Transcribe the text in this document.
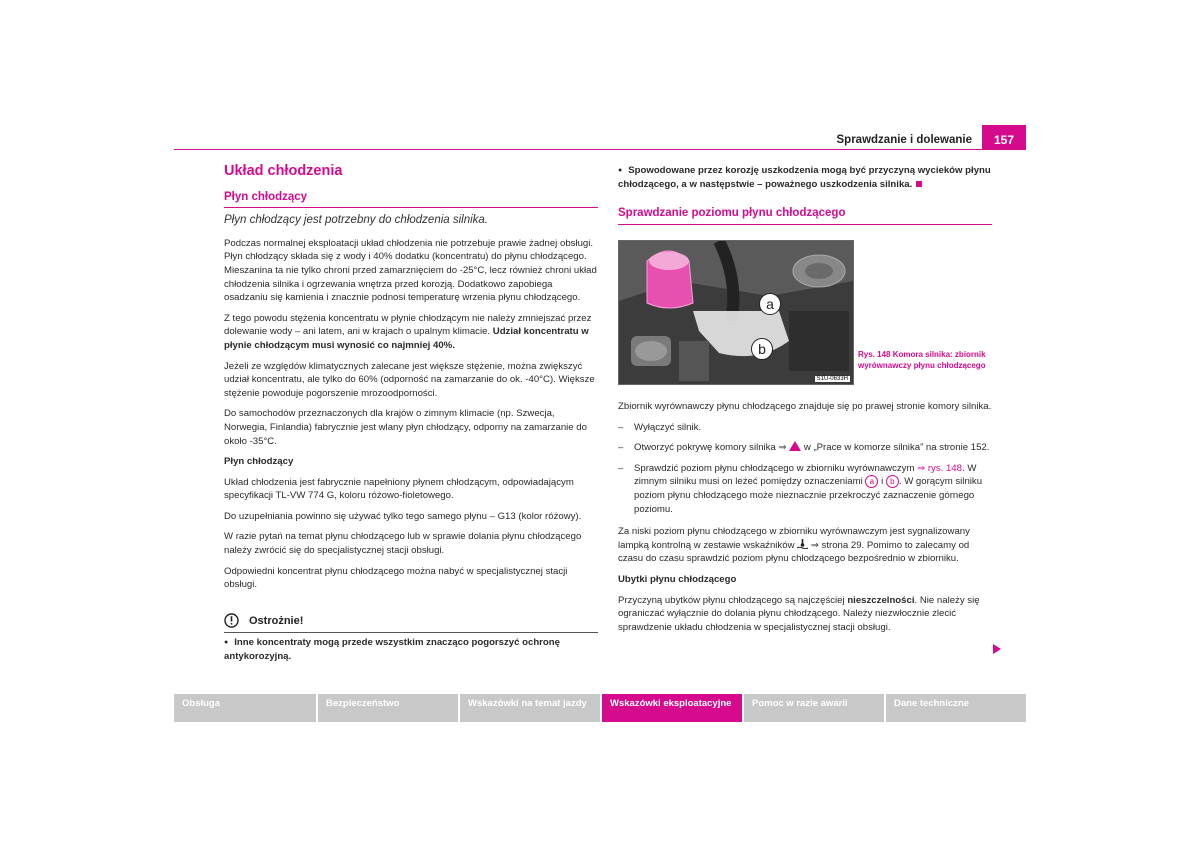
Sprawdzanie i dolewanie	157
Układ chłodzenia
Płyn chłodzący

Płyn chłodzący jest potrzebny do chłodzenia silnika.

Podczas normalnej eksploatacji układ chłodzenia nie potrzebuje prawie żadnej obsługi. Płyn chłodzący składa się z wody i 40% dodatku (koncentratu) do płynu chłodzącego. Mieszanina ta nie tylko chroni przed zamarznięciem do -25°C, lecz również chroni układ chłodzenia silnika i ogrzewania wnętrza przed korozją. Dodatkowo zapobiega osadzaniu się kamienia i znacznie podnosi temperaturę wrzenia płynu chłodzącego.

Z tego powodu stężenia koncentratu w płynie chłodzącym nie należy zmniejszać przez dolewanie wody – ani latem, ani w krajach o upalnym klimacie. Udział koncentratu w płynie chłodzącym musi wynosić co najmniej 40%.

Jeżeli ze względów klimatycznych zalecane jest większe stężenie, można zwiększyć udział koncentratu, ale tylko do 60% (odporność na zamarzanie do ok. -40°C). Większe stężenie powoduje pogorszenie mrozoodporności.

Do samochodów przeznaczonych dla krajów o zimnym klimacie (np. Szwecja, Norwegia, Finlandia) fabrycznie jest wlany płyn chłodzący, odporny na zamarzanie do około -35°C.

Płyn chłodzący

Układ chłodzenia jest fabrycznie napełniony płynem chłodzącym, odpowiadającym specyfikacji TL-VW 774 G, koloru różowo-fioletowego.

Do uzupełniania powinno się używać tylko tego samego płynu – G13 (kolor różowy).

W razie pytań na temat płynu chłodzącego lub w sprawie dolania płynu chłodzącego należy zwrócić się do specjalistycznej stacji obsługi.

Odpowiedni koncentrat płynu chłodzącego można nabyć w specjalistycznej stacji obsługi.

Ostrożnie!

● Inne koncentraty mogą przede wszystkim znacząco pogorszyć ochronę antykorozyjną.

● Spowodowane przez korozję uszkodzenia mogą być przyczyną wycieków płynu chłodzącego, a w następstwie – poważnego uszkodzenia silnika.

Sprawdzanie poziomu płynu chłodzącego
a
b
S1U-0633H
Rys. 148 Komora silnika: zbiornik wyrównawczy płynu chłodzącego

Zbiornik wyrównawczy płynu chłodzącego znajduje się po prawej stronie komory silnika.

– Wyłączyć silnik.

– Otworzyć pokrywę komory silnika ⇒  w „Prace w komorze silnika” na stronie 152.

– Sprawdzić poziom płynu chłodzącego w zbiorniku wyrównawczym ⇒ rys. 148. W zimnym silniku musi on leżeć pomiędzy oznaczeniami a i b . W gorącym silniku poziom płynu chłodzącego może nieznacznie przekroczyć zaznaczenie górnego poziomu.

Za niski poziom płynu chłodzącego w zbiorniku wyrównawczym jest sygnalizowany lampką kontrolną w zestawie wskaźników  ⇒ strona 29. Pomimo to zalecamy od czasu do czasu sprawdzić poziom płynu chłodzącego bezpośrednio w zbiorniku.

Ubytki płynu chłodzącego

Przyczyną ubytków płynu chłodzącego są najczęściej nieszczelności. Nie należy się ograniczać wyłącznie do dolania płynu chłodzącego. Należy niezwłocznie zlecić sprawdzenie układu chłodzenia w specjalistycznej stacji obsługi.

Obsługa	Bezpieczeństwo	Wskazówki na temat jazdy	Wskazówki eksploatacyjne	Pomoc w razie awarii	Dane techniczne
